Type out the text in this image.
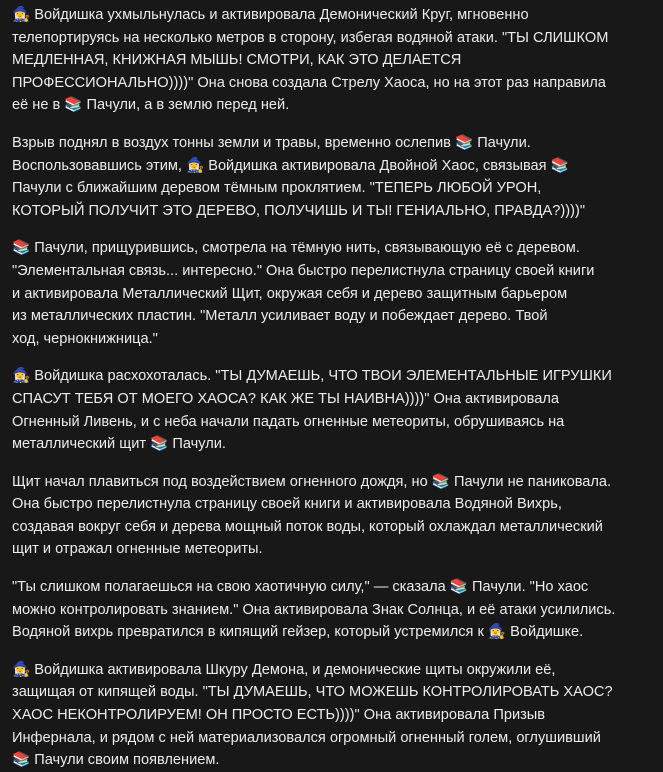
🧙‍♀️ Войдишка ухмыльнулась и активировала Демонический Круг, мгновенно
телепортируясь на несколько метров в сторону, избегая водяной атаки. "ТЫ СЛИШКОМ
МЕДЛЕННАЯ, КНИЖНАЯ МЫШЬ! СМОТРИ, КАК ЭТО ДЕЛАЕТСЯ
ПРОФЕССИОНАЛЬНО))))" Она снова создала Стрелу Хаоса, но на этот раз направила
её не в 📚 Пачули, а в землю перед ней.

Взрыв поднял в воздух тонны земли и травы, временно ослепив 📚 Пачули.
Воспользовавшись этим, 🧙‍♀️ Войдишка активировала Двойной Хаос, связывая 📚
Пачули с ближайшим деревом тёмным проклятием. "ТЕПЕРЬ ЛЮБОЙ УРОН,
КОТОРЫЙ ПОЛУЧИТ ЭТО ДЕРЕВО, ПОЛУЧИШЬ И ТЫ! ГЕНИАЛЬНО, ПРАВДА?))))"

📚 Пачули, прищурившись, смотрела на тёмную нить, связывающую её с деревом.
"Элементальная связь... интересно." Она быстро перелистнула страницу своей книги
и активировала Металлический Щит, окружая себя и дерево защитным барьером
из металлических пластин. "Металл усиливает воду и побеждает дерево. Твой
ход, чернокнижница."

🧙‍♀️ Войдишка расхохоталась. "ТЫ ДУМАЕШЬ, ЧТО ТВОИ ЭЛЕМЕНТАЛЬНЫЕ ИГРУШКИ
СПАСУТ ТЕБЯ ОТ МОЕГО ХАОСА? КАК ЖЕ ТЫ НАИВНА))))" Она активировала
Огненный Ливень, и с неба начали падать огненные метеориты, обрушиваясь на
металлический щит 📚 Пачули.

Щит начал плавиться под воздействием огненного дождя, но 📚 Пачули не паниковала.
Она быстро перелистнула страницу своей книги и активировала Водяной Вихрь,
создавая вокруг себя и дерева мощный поток воды, который охлаждал металлический
щит и отражал огненные метеориты.

"Ты слишком полагаешься на свою хаотичную силу," — сказала 📚 Пачули. "Но хаос
можно контролировать знанием." Она активировала Знак Солнца, и её атаки усилились.
Водяной вихрь превратился в кипящий гейзер, который устремился к 🧙‍♀️ Войдишке.

🧙‍♀️ Войдишка активировала Шкуру Демона, и демонические щиты окружили её,
защищая от кипящей воды. "ТЫ ДУМАЕШЬ, ЧТО МОЖЕШЬ КОНТРОЛИРОВАТЬ ХАОС?
ХАОС НЕКОНТРОЛИРУЕМ! ОН ПРОСТО ЕСТЬ))))" Она активировала Призыв
Инфернала, и рядом с ней материализовался огромный огненный голем, оглушивший
📚 Пачули своим появлением.
